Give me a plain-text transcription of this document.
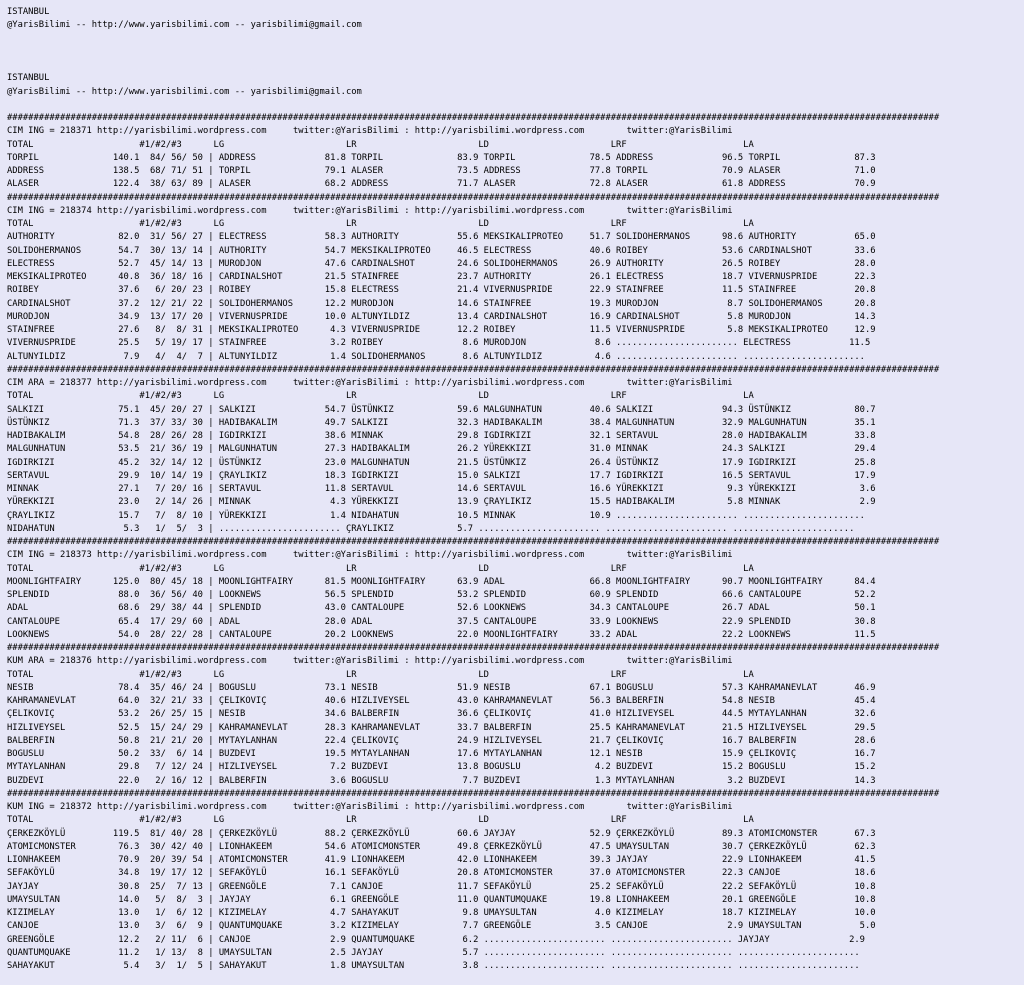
ISTANBUL
@YarisBilimi -- http://www.yarisbilimi.com -- yarisbilimi@gmail.com
ISTANBUL
@YarisBilimi -- http://www.yarisbilimi.com -- yarisbilimi@gmail.com
################################################################################################################################################################################
CIM ING = 218371 http://yarisbilimi.wordpress.com     twitter:@YarisBilimi : http://yarisbilimi.wordpress.com        twitter:@YarisBilimi
TOTAL                    #1/#2/#3      LG                       LR                       LD                       LRF                      LA
TORPIL              140.1  84/ 56/ 50 | ADDRESS             81.8 TORPIL              83.9 TORPIL              78.5 ADDRESS             96.5 TORPIL              87.3
ADDRESS             138.5  68/ 71/ 51 | TORPIL              79.1 ALASER              73.5 ADDRESS             77.8 TORPIL              70.9 ALASER              71.0
ALASER              122.4  38/ 63/ 89 | ALASER              68.2 ADDRESS             71.7 ALASER              72.8 ALASER              61.8 ADDRESS             70.9
################################################################################################################################################################################
CIM ING = 218374 http://yarisbilimi.wordpress.com     twitter:@YarisBilimi : http://yarisbilimi.wordpress.com        twitter:@YarisBilimi
TOTAL                    #1/#2/#3      LG                       LR                       LD                       LRF                      LA
AUTHORITY            82.0  31/ 56/ 27 | ELECTRESS           58.3 AUTHORITY           55.6 MEKSIKALIPROTEO     51.7 SOLIDOHERMANOS      98.6 AUTHORITY           65.0
SOLIDOHERMANOS       54.7  30/ 13/ 14 | AUTHORITY           54.7 MEKSIKALIPROTEO     46.5 ELECTRESS           40.6 ROIBEY              53.6 CARDINALSHOT        33.6
ELECTRESS            52.7  45/ 14/ 13 | MURODJON            47.6 CARDINALSHOT        24.6 SOLIDOHERMANOS      26.9 AUTHORITY           26.5 ROIBEY              28.0
MEKSIKALIPROTEO      40.8  36/ 18/ 16 | CARDINALSHOT        21.5 STAINFREE           23.7 AUTHORITY           26.1 ELECTRESS           18.7 VIVERNUSPRIDE       22.3
ROIBEY               37.6   6/ 20/ 23 | ROIBEY              15.8 ELECTRESS           21.4 VIVERNUSPRIDE       22.9 STAINFREE           11.5 STAINFREE           20.8
CARDINALSHOT         37.2  12/ 21/ 22 | SOLIDOHERMANOS      12.2 MURODJON            14.6 STAINFREE           19.3 MURODJON             8.7 SOLIDOHERMANOS      20.8
MURODJON             34.9  13/ 17/ 20 | VIVERNUSPRIDE       10.0 ALTUNYILDIZ         13.4 CARDINALSHOT        16.9 CARDINALSHOT         5.8 MURODJON            14.3
STAINFREE            27.6   8/  8/ 31 | MEKSIKALIPROTEO      4.3 VIVERNUSPRIDE       12.2 ROIBEY              11.5 VIVERNUSPRIDE        5.8 MEKSIKALIPROTEO     12.9
VIVERNUSPRIDE        25.5   5/ 19/ 17 | STAINFREE            3.2 ROIBEY               8.6 MURODJON             8.6 ....................... ELECTRESS           11.5
ALTUNYILDIZ           7.9   4/  4/  7 | ALTUNYILDIZ          1.4 SOLIDOHERMANOS       8.6 ALTUNYILDIZ          4.6 ....................... .......................
################################################################################################################################################################################
CIM ARA = 218377 http://yarisbilimi.wordpress.com     twitter:@YarisBilimi : http://yarisbilimi.wordpress.com        twitter:@YarisBilimi
TOTAL                    #1/#2/#3      LG                       LR                       LD                       LRF                      LA
SALKIZI              75.1  45/ 20/ 27 | SALKIZI             54.7 ÜSTÜNKIZ            59.6 MALGUNHATUN         40.6 SALKIZI             94.3 ÜSTÜNKIZ            80.7
ÜSTÜNKIZ             71.3  37/ 33/ 30 | HADIBAKALIM         49.7 SALKIZI             32.3 HADIBAKALIM         38.4 MALGUNHATUN         32.9 MALGUNHATUN         35.1
HADIBAKALIM          54.8  28/ 26/ 28 | IGDIRKIZI           38.6 MINNAK              29.8 IGDIRKIZI           32.1 SERTAVUL            28.0 HADIBAKALIM         33.8
MALGUNHATUN          53.5  21/ 36/ 19 | MALGUNHATUN         27.3 HADIBAKALIM         26.2 YÜREKKIZI           31.0 MINNAK              24.3 SALKIZI             29.4
IGDIRKIZI            45.2  32/ 14/ 12 | ÜSTÜNKIZ            23.0 MALGUNHATUN         21.5 ÜSTÜNKIZ            26.4 ÜSTÜNKIZ            17.9 IGDIRKIZI           25.8
SERTAVUL             29.9  10/ 14/ 19 | ÇRAYLIKIZ           18.3 IGDIRKIZI           15.0 SALKIZI             17.7 IGDIRKIZI           16.5 SERTAVUL            17.9
MINNAK               27.1   7/ 20/ 16 | SERTAVUL            11.8 SERTAVUL            14.6 SERTAVUL            16.6 YÜREKKIZI            9.3 YÜREKKIZI            3.6
YÜREKKIZI            23.0   2/ 14/ 26 | MINNAK               4.3 YÜREKKIZI           13.9 ÇRAYLIKIZ           15.5 HADIBAKALIM          5.8 MINNAK               2.9
ÇRAYLIKIZ            15.7   7/  8/ 10 | YÜREKKIZI            1.4 NIDAHATUN           10.5 MINNAK              10.9 ....................... .......................
NIDAHATUN             5.3   1/  5/  3 | ....................... ÇRAYLIKIZ            5.7 ....................... ....................... .......................
################################################################################################################################################################################
CIM ING = 218373 http://yarisbilimi.wordpress.com     twitter:@YarisBilimi : http://yarisbilimi.wordpress.com        twitter:@YarisBilimi
TOTAL                    #1/#2/#3      LG                       LR                       LD                       LRF                      LA
MOONLIGHTFAIRY      125.0  80/ 45/ 18 | MOONLIGHTFAIRY      81.5 MOONLIGHTFAIRY      63.9 ADAL                66.8 MOONLIGHTFAIRY      90.7 MOONLIGHTFAIRY      84.4
SPLENDID             88.0  36/ 56/ 40 | LOOKNEWS            56.5 SPLENDID            53.2 SPLENDID            60.9 SPLENDID            66.6 CANTALOUPE          52.2
ADAL                 68.6  29/ 38/ 44 | SPLENDID            43.0 CANTALOUPE          52.6 LOOKNEWS            34.3 CANTALOUPE          26.7 ADAL                50.1
CANTALOUPE           65.4  17/ 29/ 60 | ADAL                28.0 ADAL                37.5 CANTALOUPE          33.9 LOOKNEWS            22.9 SPLENDID            30.8
LOOKNEWS             54.0  28/ 22/ 28 | CANTALOUPE          20.2 LOOKNEWS            22.0 MOONLIGHTFAIRY      33.2 ADAL                22.2 LOOKNEWS            11.5
################################################################################################################################################################################
KUM ARA = 218376 http://yarisbilimi.wordpress.com     twitter:@YarisBilimi : http://yarisbilimi.wordpress.com        twitter:@YarisBilimi
TOTAL                    #1/#2/#3      LG                       LR                       LD                       LRF                      LA
NESIB                78.4  35/ 46/ 24 | BOGUSLU             73.1 NESIB               51.9 NESIB               67.1 BOGUSLU             57.3 KAHRAMANEVLAT       46.9
KAHRAMANEVLAT        64.0  32/ 21/ 33 | ÇELIKOVIÇ           40.6 HIZLIVEYSEL         43.0 KAHRAMANEVLAT       56.3 BALBERFIN           54.8 NESIB               45.4
ÇELIKOVIÇ            53.2  26/ 25/ 15 | NESIB               34.6 BALBERFIN           36.6 ÇELIKOVIÇ           41.0 HIZLIVEYSEL         44.5 MYTAYLANHAN         32.6
HIZLIVEYSEL          52.5  15/ 24/ 29 | KAHRAMANEVLAT       28.3 KAHRAMANEVLAT       33.7 BALBERFIN           25.5 KAHRAMANEVLAT       21.5 HIZLIVEYSEL         29.5
BALBERFIN            50.8  21/ 21/ 20 | MYTAYLANHAN         22.4 ÇELIKOVIÇ           24.9 HIZLIVEYSEL         21.7 ÇELIKOVIÇ           16.7 BALBERFIN           28.6
BOGUSLU              50.2  33/  6/ 14 | BUZDEVI             19.5 MYTAYLANHAN         17.6 MYTAYLANHAN         12.1 NESIB               15.9 ÇELIKOVIÇ           16.7
MYTAYLANHAN          29.8   7/ 12/ 24 | HIZLIVEYSEL          7.2 BUZDEVI             13.8 BOGUSLU              4.2 BUZDEVI             15.2 BOGUSLU             15.2
BUZDEVI              22.0   2/ 16/ 12 | BALBERFIN            3.6 BOGUSLU              7.7 BUZDEVI              1.3 MYTAYLANHAN          3.2 BUZDEVI             14.3
################################################################################################################################################################################
KUM ING = 218372 http://yarisbilimi.wordpress.com     twitter:@YarisBilimi : http://yarisbilimi.wordpress.com        twitter:@YarisBilimi
TOTAL                    #1/#2/#3      LG                       LR                       LD                       LRF                      LA
ÇERKEZKÖYLÜ         119.5  81/ 40/ 28 | ÇERKEZKÖYLÜ         88.2 ÇERKEZKÖYLÜ         60.6 JAYJAY              52.9 ÇERKEZKÖYLÜ         89.3 ATOMICMONSTER       67.3
ATOMICMONSTER        76.3  30/ 42/ 40 | LIONHAKEEM          54.6 ATOMICMONSTER       49.8 ÇERKEZKÖYLÜ         47.5 UMAYSULTAN          30.7 ÇERKEZKÖYLÜ         62.3
LIONHAKEEM           70.9  20/ 39/ 54 | ATOMICMONSTER       41.9 LIONHAKEEM          42.0 LIONHAKEEM          39.3 JAYJAY              22.9 LIONHAKEEM          41.5
SEFAKÖYLÜ            34.8  19/ 17/ 12 | SEFAKÖYLÜ           16.1 SEFAKÖYLÜ           20.8 ATOMICMONSTER       37.0 ATOMICMONSTER       22.3 CANJOE              18.6
JAYJAY               30.8  25/  7/ 13 | GREENGÖLE            7.1 CANJOE              11.7 SEFAKÖYLÜ           25.2 SEFAKÖYLÜ           22.2 SEFAKÖYLÜ           10.8
UMAYSULTAN           14.0   5/  8/  3 | JAYJAY               6.1 GREENGÖLE           11.0 QUANTUMQUAKE        19.8 LIONHAKEEM          20.1 GREENGÖLE           10.8
KIZIMELAY            13.0   1/  6/ 12 | KIZIMELAY            4.7 SAHAYAKUT            9.8 UMAYSULTAN           4.0 KIZIMELAY           18.7 KIZIMELAY           10.0
CANJOE               13.0   3/  6/  9 | QUANTUMQUAKE         3.2 KIZIMELAY            7.7 GREENGÖLE            3.5 CANJOE               2.9 UMAYSULTAN           5.0
GREENGÖLE            12.2   2/ 11/  6 | CANJOE               2.9 QUANTUMQUAKE         6.2 ....................... ....................... JAYJAY               2.9
QUANTUMQUAKE         11.2   1/ 13/  8 | UMAYSULTAN           2.5 JAYJAY               5.7 ....................... ....................... .......................
SAHAYAKUT             5.4   3/  1/  5 | SAHAYAKUT            1.8 UMAYSULTAN           3.8 ....................... ....................... .......................
